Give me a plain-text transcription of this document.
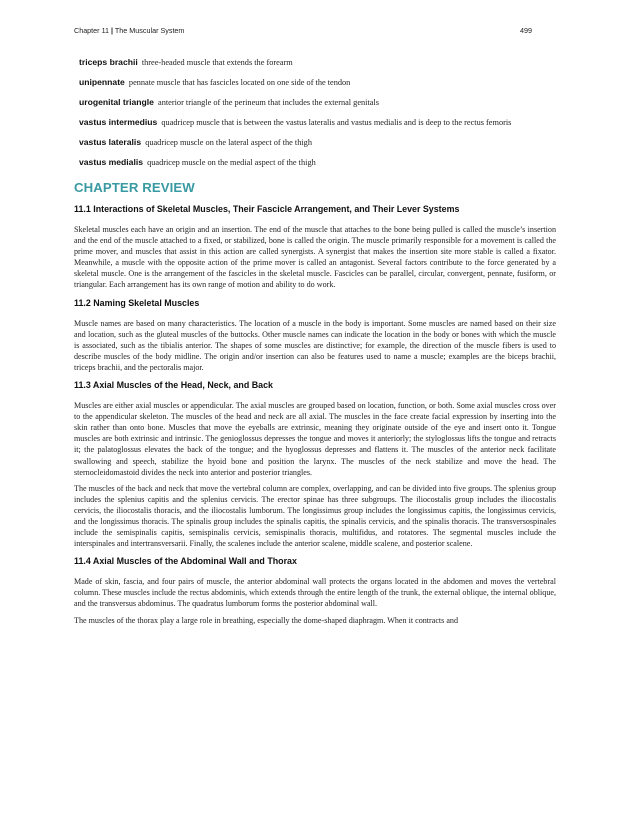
Chapter 11 | The Muscular System	499

triceps brachii three-headed muscle that extends the forearm

unipennate pennate muscle that has fascicles located on one side of the tendon

urogenital triangle anterior triangle of the perineum that includes the external genitals

vastus intermedius quadricep muscle that is between the vastus lateralis and vastus medialis and is deep to the rectus femoris

vastus lateralis quadricep muscle on the lateral aspect of the thigh

vastus medialis quadricep muscle on the medial aspect of the thigh

CHAPTER REVIEW
11.1 Interactions of Skeletal Muscles, Their Fascicle Arrangement, and Their Lever Systems

Skeletal muscles each have an origin and an insertion. The end of the muscle that attaches to the bone being pulled is called the muscle’s insertion and the end of the muscle attached to a fixed, or stabilized, bone is called the origin. The muscle primarily responsible for a movement is called the prime mover, and muscles that assist in this action are called synergists. A synergist that makes the insertion site more stable is called a fixator. Meanwhile, a muscle with the opposite action of the prime mover is called an antagonist. Several factors contribute to the force generated by a skeletal muscle. One is the arrangement of the fascicles in the skeletal muscle. Fascicles can be parallel, circular, convergent, pennate, fusiform, or triangular. Each arrangement has its own range of motion and ability to do work.

11.2 Naming Skeletal Muscles

Muscle names are based on many characteristics. The location of a muscle in the body is important. Some muscles are named based on their size and location, such as the gluteal muscles of the buttocks. Other muscle names can indicate the location in the body or bones with which the muscle is associated, such as the tibialis anterior. The shapes of some muscles are distinctive; for example, the direction of the muscle fibers is used to describe muscles of the body midline. The origin and/or insertion can also be features used to name a muscle; examples are the biceps brachii, triceps brachii, and the pectoralis major.

11.3 Axial Muscles of the Head, Neck, and Back

Muscles are either axial muscles or appendicular. The axial muscles are grouped based on location, function, or both. Some axial muscles cross over to the appendicular skeleton. The muscles of the head and neck are all axial. The muscles in the face create facial expression by inserting into the skin rather than onto bone. Muscles that move the eyeballs are extrinsic, meaning they originate outside of the eye and insert onto it. Tongue muscles are both extrinsic and intrinsic. The genioglossus depresses the tongue and moves it anteriorly; the styloglossus lifts the tongue and retracts it; the palatoglossus elevates the back of the tongue; and the hyoglossus depresses and flattens it. The muscles of the anterior neck facilitate swallowing and speech, stabilize the hyoid bone and position the larynx. The muscles of the neck stabilize and move the head. The sternocleidomastoid divides the neck into anterior and posterior triangles.

The muscles of the back and neck that move the vertebral column are complex, overlapping, and can be divided into five groups. The splenius group includes the splenius capitis and the splenius cervicis. The erector spinae has three subgroups. The iliocostalis group includes the iliocostalis cervicis, the iliocostalis thoracis, and the iliocostalis lumborum. The longissimus group includes the longissimus capitis, the longissimus cervicis, and the longissimus thoracis. The spinalis group includes the spinalis capitis, the spinalis cervicis, and the spinalis thoracis. The transversospinales include the semispinalis capitis, semispinalis cervicis, semispinalis thoracis, multifidus, and rotatores. The segmental muscles include the interspinales and intertransversarii. Finally, the scalenes include the anterior scalene, middle scalene, and posterior scalene.

11.4 Axial Muscles of the Abdominal Wall and Thorax

Made of skin, fascia, and four pairs of muscle, the anterior abdominal wall protects the organs located in the abdomen and moves the vertebral column. These muscles include the rectus abdominis, which extends through the entire length of the trunk, the external oblique, the internal oblique, and the transversus abdominus. The quadratus lumborum forms the posterior abdominal wall.

The muscles of the thorax play a large role in breathing, especially the dome-shaped diaphragm. When it contracts and
